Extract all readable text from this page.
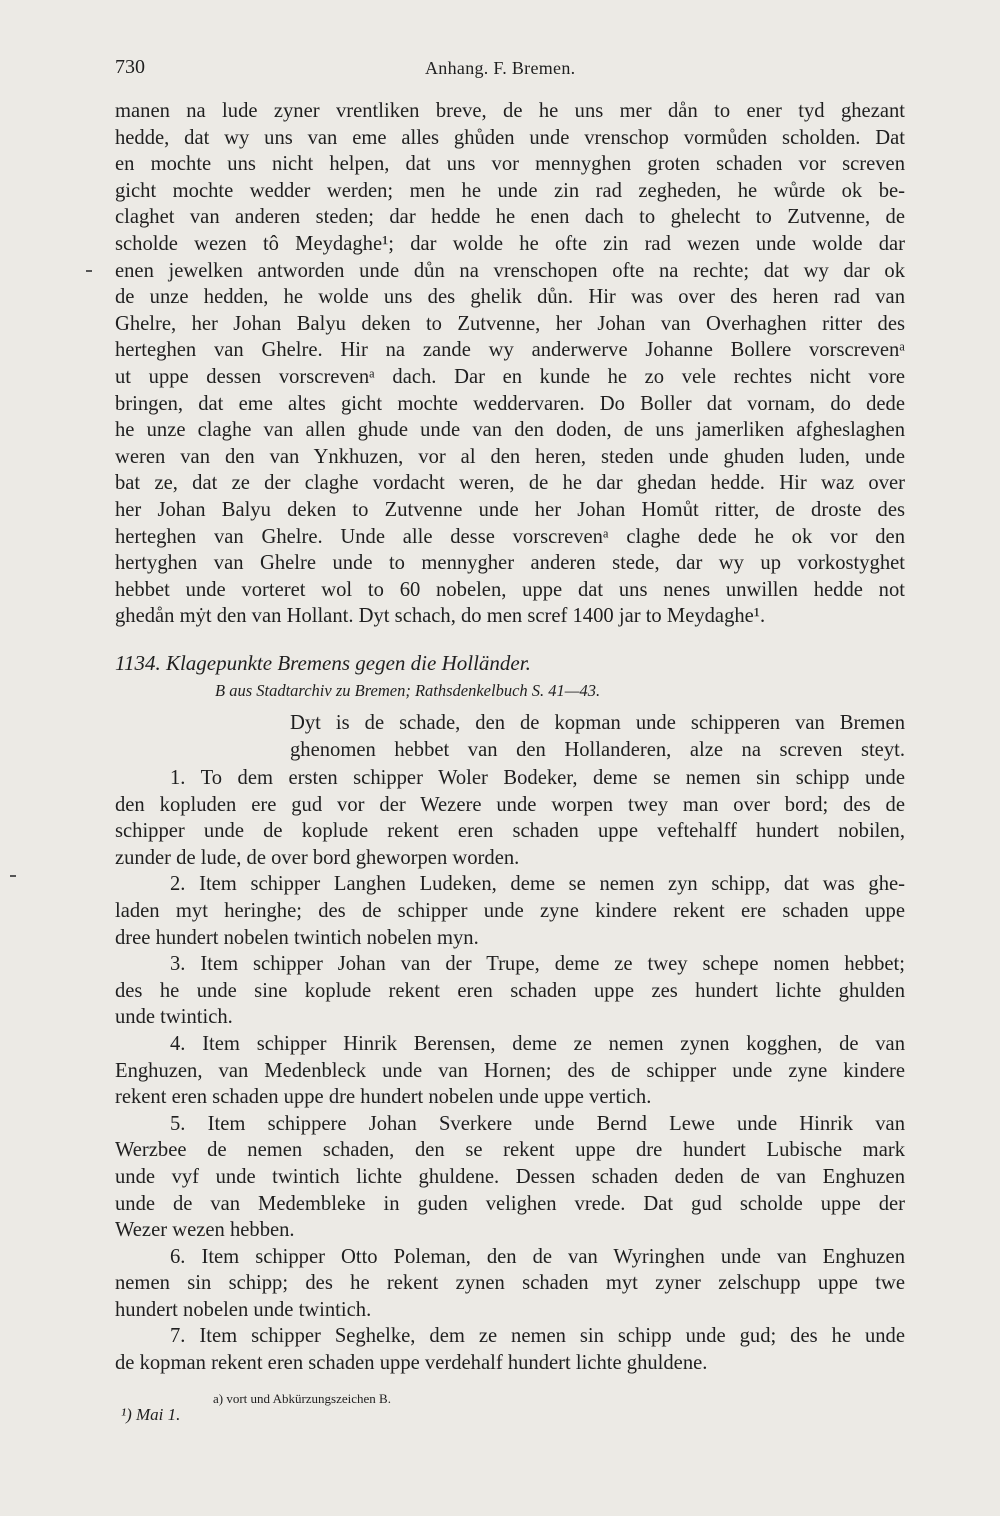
730	Anhang. F. Bremen.
manen na lude zyner vrentliken breve, de he uns mer dån to ener tyd ghezant
hedde, dat wy uns van eme alles ghůden unde vrenschop vormůden scholden. Dat
en mochte uns nicht helpen, dat uns vor mennyghen groten schaden vor screven
gicht mochte wedder werden; men he unde zin rad zegheden, he wůrde ok be-
claghet van anderen steden; dar hedde he enen dach to ghelecht to Zutvenne, de
scholde wezen tô Meydaghe¹; dar wolde he ofte zin rad wezen unde wolde dar
enen jewelken antworden unde důn na vrenschopen ofte na rechte; dat wy dar ok
de unze hedden, he wolde uns des ghelik důn. Hir was over des heren rad van
Ghelre, her Johan Balyu deken to Zutvenne, her Johan van Overhaghen ritter des
herteghen van Ghelre. Hir na zande wy anderwerve Johanne Bollere vorscrevenᵃ
ut uppe dessen vorscrevenᵃ dach. Dar en kunde he zo vele rechtes nicht vore
bringen, dat eme altes gicht mochte weddervaren. Do Boller dat vornam, do dede
he unze claghe van allen ghude unde van den doden, de uns jamerliken afgheslaghen
weren van den van Ynkhuzen, vor al den heren, steden unde ghuden luden, unde
bat ze, dat ze der claghe vordacht weren, de he dar ghedan hedde. Hir waz over
her Johan Balyu deken to Zutvenne unde her Johan Homůt ritter, de droste des
herteghen van Ghelre. Unde alle desse vorscrevenᵃ claghe dede he ok vor den
hertyghen van Ghelre unde to mennygher anderen stede, dar wy up vorkostyghet
hebbet unde vorteret wol to 60 nobelen, uppe dat uns nenes unwillen hedde not
ghedån mẏt den van Hollant. Dyt schach, do men scref 1400 jar to Meydaghe¹.
1134. Klagepunkte Bremens gegen die Holländer.
B aus Stadtarchiv zu Bremen; Rathsdenkelbuch S. 41—43.
Dyt is de schade, den de kopman unde schipperen van Bremen
ghenomen hebbet van den Hollanderen, alze na screven steyt.
1. To dem ersten schipper Woler Bodeker, deme se nemen sin schipp unde
den kopluden ere gud vor der Wezere unde worpen twey man over bord; des de
schipper unde de koplude rekent eren schaden uppe veftehalff hundert nobilen,
zunder de lude, de over bord gheworpen worden.
2. Item schipper Langhen Ludeken, deme se nemen zyn schipp, dat was ghe-
laden myt heringhe; des de schipper unde zyne kindere rekent ere schaden uppe
dree hundert nobelen twintich nobelen myn.
3. Item schipper Johan van der Trupe, deme ze twey schepe nomen hebbet;
des he unde sine koplude rekent eren schaden uppe zes hundert lichte ghulden
unde twintich.
4. Item schipper Hinrik Berensen, deme ze nemen zynen kogghen, de van
Enghuzen, van Medenbleck unde van Hornen; des de schipper unde zyne kindere
rekent eren schaden uppe dre hundert nobelen unde uppe vertich.
5. Item schippere Johan Sverkere unde Bernd Lewe unde Hinrik van
Werzbee de nemen schaden, den se rekent uppe dre hundert Lubische mark
unde vyf unde twintich lichte ghuldene. Dessen schaden deden de van Enghuzen
unde de van Medembleke in guden velighen vrede. Dat gud scholde uppe der
Wezer wezen hebben.
6. Item schipper Otto Poleman, den de van Wyringhen unde van Enghuzen
nemen sin schipp; des he rekent zynen schaden myt zyner zelschupp uppe twe
hundert nobelen unde twintich.
7. Item schipper Seghelke, dem ze nemen sin schipp unde gud; des he unde
de kopman rekent eren schaden uppe verdehalf hundert lichte ghuldene.
a) vort und Abkürzungszeichen B.
¹) Mai 1.
